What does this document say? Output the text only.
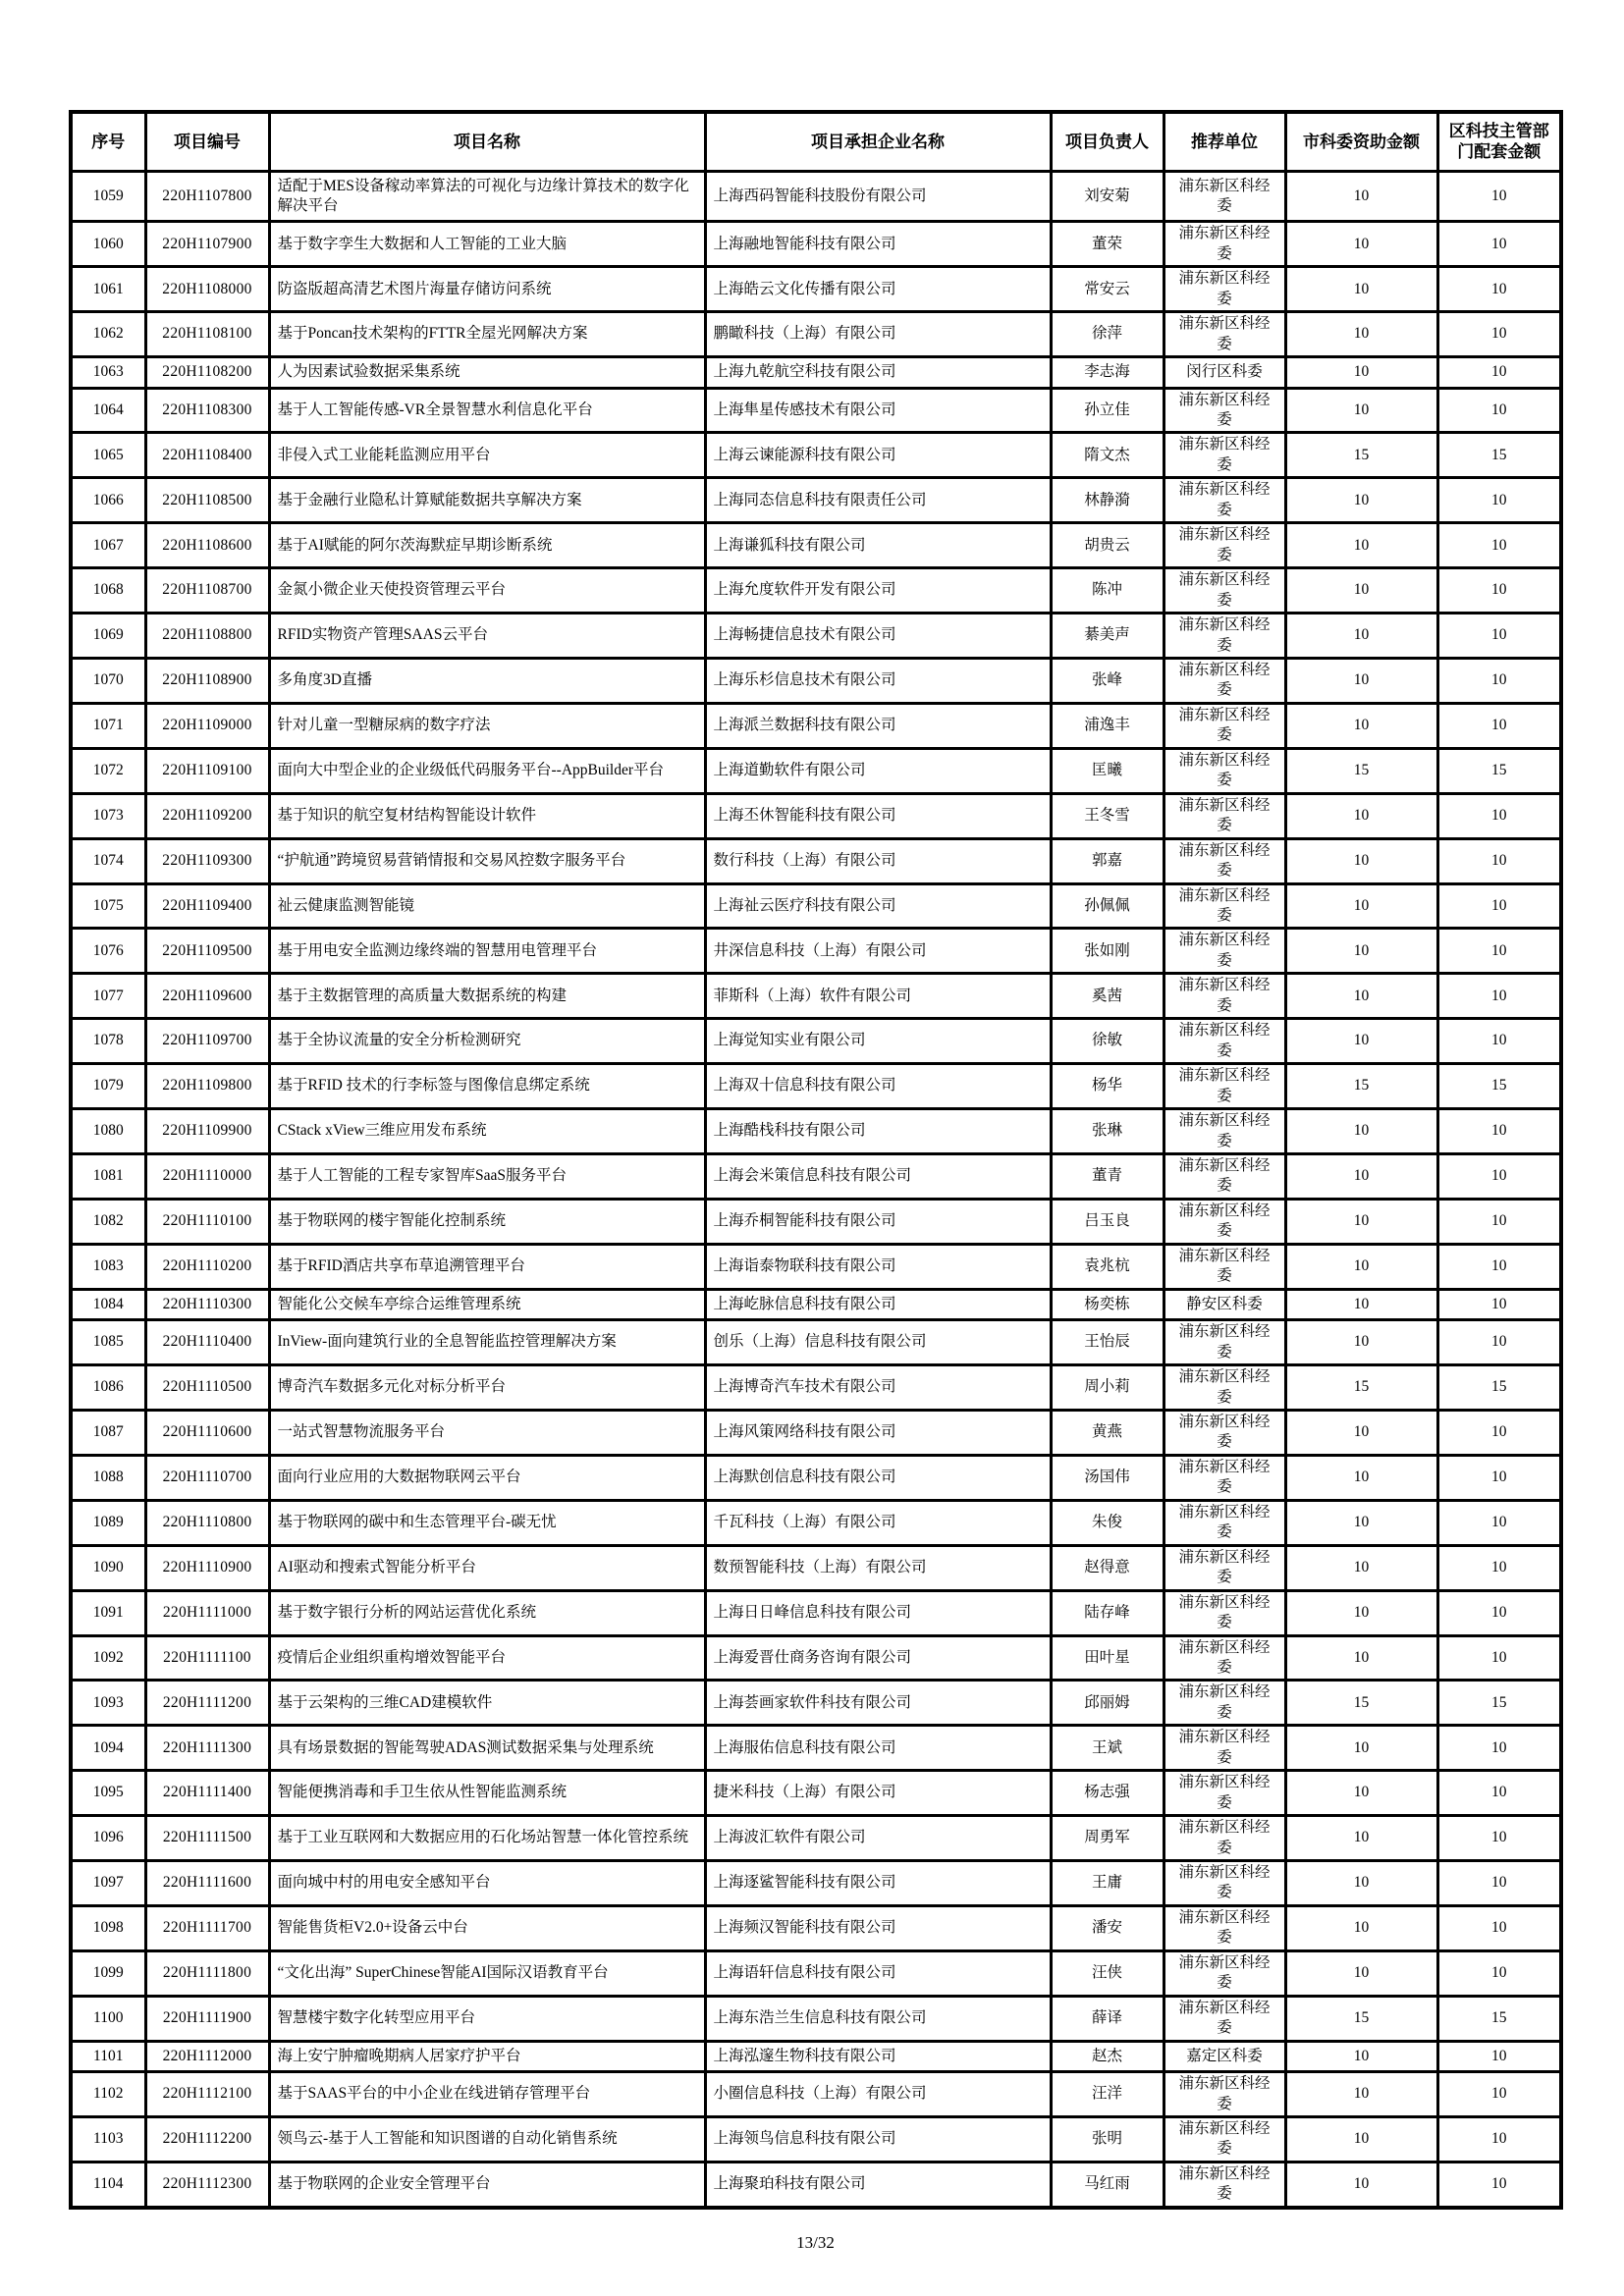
序号	项目编号	项目名称	项目承担企业名称	项目负责人	推荐单位	市科委资助金额	区科技主管部门配套金额
1059	220H1107800	适配于MES设备稼动率算法的可视化与边缘计算技术的数字化解决平台	上海西码智能科技股份有限公司	刘安菊	浦东新区科经委	10	10
1060	220H1107900	基于数字孪生大数据和人工智能的工业大脑	上海融地智能科技有限公司	董荣	浦东新区科经委	10	10
1061	220H1108000	防盗版超高清艺术图片海量存储访问系统	上海皓云文化传播有限公司	常安云	浦东新区科经委	10	10
1062	220H1108100	基于Poncan技术架构的FTTR全屋光网解决方案	鹏瞰科技（上海）有限公司	徐萍	浦东新区科经委	10	10
1063	220H1108200	人为因素试验数据采集系统	上海九乾航空科技有限公司	李志海	闵行区科委	10	10
1064	220H1108300	基于人工智能传感-VR全景智慧水利信息化平台	上海隼星传感技术有限公司	孙立佳	浦东新区科经委	10	10
1065	220H1108400	非侵入式工业能耗监测应用平台	上海云谏能源科技有限公司	隋文杰	浦东新区科经委	15	15
1066	220H1108500	基于金融行业隐私计算赋能数据共享解决方案	上海同态信息科技有限责任公司	林静漪	浦东新区科经委	10	10
1067	220H1108600	基于AI赋能的阿尔茨海默症早期诊断系统	上海谦狐科技有限公司	胡贵云	浦东新区科经委	10	10
1068	220H1108700	金氮小微企业天使投资管理云平台	上海允度软件开发有限公司	陈冲	浦东新区科经委	10	10
1069	220H1108800	RFID实物资产管理SAAS云平台	上海畅捷信息技术有限公司	綦美声	浦东新区科经委	10	10
1070	220H1108900	多角度3D直播	上海乐杉信息技术有限公司	张峰	浦东新区科经委	10	10
1071	220H1109000	针对儿童一型糖尿病的数字疗法	上海派兰数据科技有限公司	浦逸丰	浦东新区科经委	10	10
1072	220H1109100	面向大中型企业的企业级低代码服务平台--AppBuilder平台	上海道勤软件有限公司	匡曦	浦东新区科经委	15	15
1073	220H1109200	基于知识的航空复材结构智能设计软件	上海丕休智能科技有限公司	王冬雪	浦东新区科经委	10	10
1074	220H1109300	“护航通”跨境贸易营销情报和交易风控数字服务平台	数行科技（上海）有限公司	郭嘉	浦东新区科经委	10	10
1075	220H1109400	祉云健康监测智能镜	上海祉云医疗科技有限公司	孙佩佩	浦东新区科经委	10	10
1076	220H1109500	基于用电安全监测边缘终端的智慧用电管理平台	井深信息科技（上海）有限公司	张如刚	浦东新区科经委	10	10
1077	220H1109600	基于主数据管理的高质量大数据系统的构建	菲斯科（上海）软件有限公司	奚茜	浦东新区科经委	10	10
1078	220H1109700	基于全协议流量的安全分析检测研究	上海觉知实业有限公司	徐敏	浦东新区科经委	10	10
1079	220H1109800	基于RFID 技术的行李标签与图像信息绑定系统	上海双十信息科技有限公司	杨华	浦东新区科经委	15	15
1080	220H1109900	CStack xView三维应用发布系统	上海酷栈科技有限公司	张琳	浦东新区科经委	10	10
1081	220H1110000	基于人工智能的工程专家智库SaaS服务平台	上海会米策信息科技有限公司	董青	浦东新区科经委	10	10
1082	220H1110100	基于物联网的楼宇智能化控制系统	上海乔桐智能科技有限公司	吕玉良	浦东新区科经委	10	10
1083	220H1110200	基于RFID酒店共享布草追溯管理平台	上海诣泰物联科技有限公司	袁兆杭	浦东新区科经委	10	10
1084	220H1110300	智能化公交候车亭综合运维管理系统	上海屹脉信息科技有限公司	杨奕栋	静安区科委	10	10
1085	220H1110400	InView-面向建筑行业的全息智能监控管理解决方案	创乐（上海）信息科技有限公司	王怡辰	浦东新区科经委	10	10
1086	220H1110500	博奇汽车数据多元化对标分析平台	上海博奇汽车技术有限公司	周小莉	浦东新区科经委	15	15
1087	220H1110600	一站式智慧物流服务平台	上海风策网络科技有限公司	黄燕	浦东新区科经委	10	10
1088	220H1110700	面向行业应用的大数据物联网云平台	上海默创信息科技有限公司	汤国伟	浦东新区科经委	10	10
1089	220H1110800	基于物联网的碳中和生态管理平台-碳无忧	千瓦科技（上海）有限公司	朱俊	浦东新区科经委	10	10
1090	220H1110900	AI驱动和搜索式智能分析平台	数预智能科技（上海）有限公司	赵得意	浦东新区科经委	10	10
1091	220H1111000	基于数字银行分析的网站运营优化系统	上海日日峰信息科技有限公司	陆存峰	浦东新区科经委	10	10
1092	220H1111100	疫情后企业组织重构增效智能平台	上海爱晋仕商务咨询有限公司	田叶星	浦东新区科经委	10	10
1093	220H1111200	基于云架构的三维CAD建模软件	上海荟画家软件科技有限公司	邱丽姆	浦东新区科经委	15	15
1094	220H1111300	具有场景数据的智能驾驶ADAS测试数据采集与处理系统	上海服佑信息科技有限公司	王斌	浦东新区科经委	10	10
1095	220H1111400	智能便携消毒和手卫生依从性智能监测系统	捷米科技（上海）有限公司	杨志强	浦东新区科经委	10	10
1096	220H1111500	基于工业互联网和大数据应用的石化场站智慧一体化管控系统	上海波汇软件有限公司	周勇军	浦东新区科经委	10	10
1097	220H1111600	面向城中村的用电安全感知平台	上海逐鲨智能科技有限公司	王庸	浦东新区科经委	10	10
1098	220H1111700	智能售货柜V2.0+设备云中台	上海频汉智能科技有限公司	潘安	浦东新区科经委	10	10
1099	220H1111800	“文化出海” SuperChinese智能AI国际汉语教育平台	上海语轩信息科技有限公司	汪侠	浦东新区科经委	10	10
1100	220H1111900	智慧楼宇数字化转型应用平台	上海东浩兰生信息科技有限公司	薛译	浦东新区科经委	15	15
1101	220H1112000	海上安宁肿瘤晚期病人居家疗护平台	上海泓邃生物科技有限公司	赵杰	嘉定区科委	10	10
1102	220H1112100	基于SAAS平台的中小企业在线进销存管理平台	小圈信息科技（上海）有限公司	汪洋	浦东新区科经委	10	10
1103	220H1112200	领鸟云-基于人工智能和知识图谱的自动化销售系统	上海领鸟信息科技有限公司	张明	浦东新区科经委	10	10
1104	220H1112300	基于物联网的企业安全管理平台	上海聚珀科技有限公司	马红雨	浦东新区科经委	10	10
13/32
